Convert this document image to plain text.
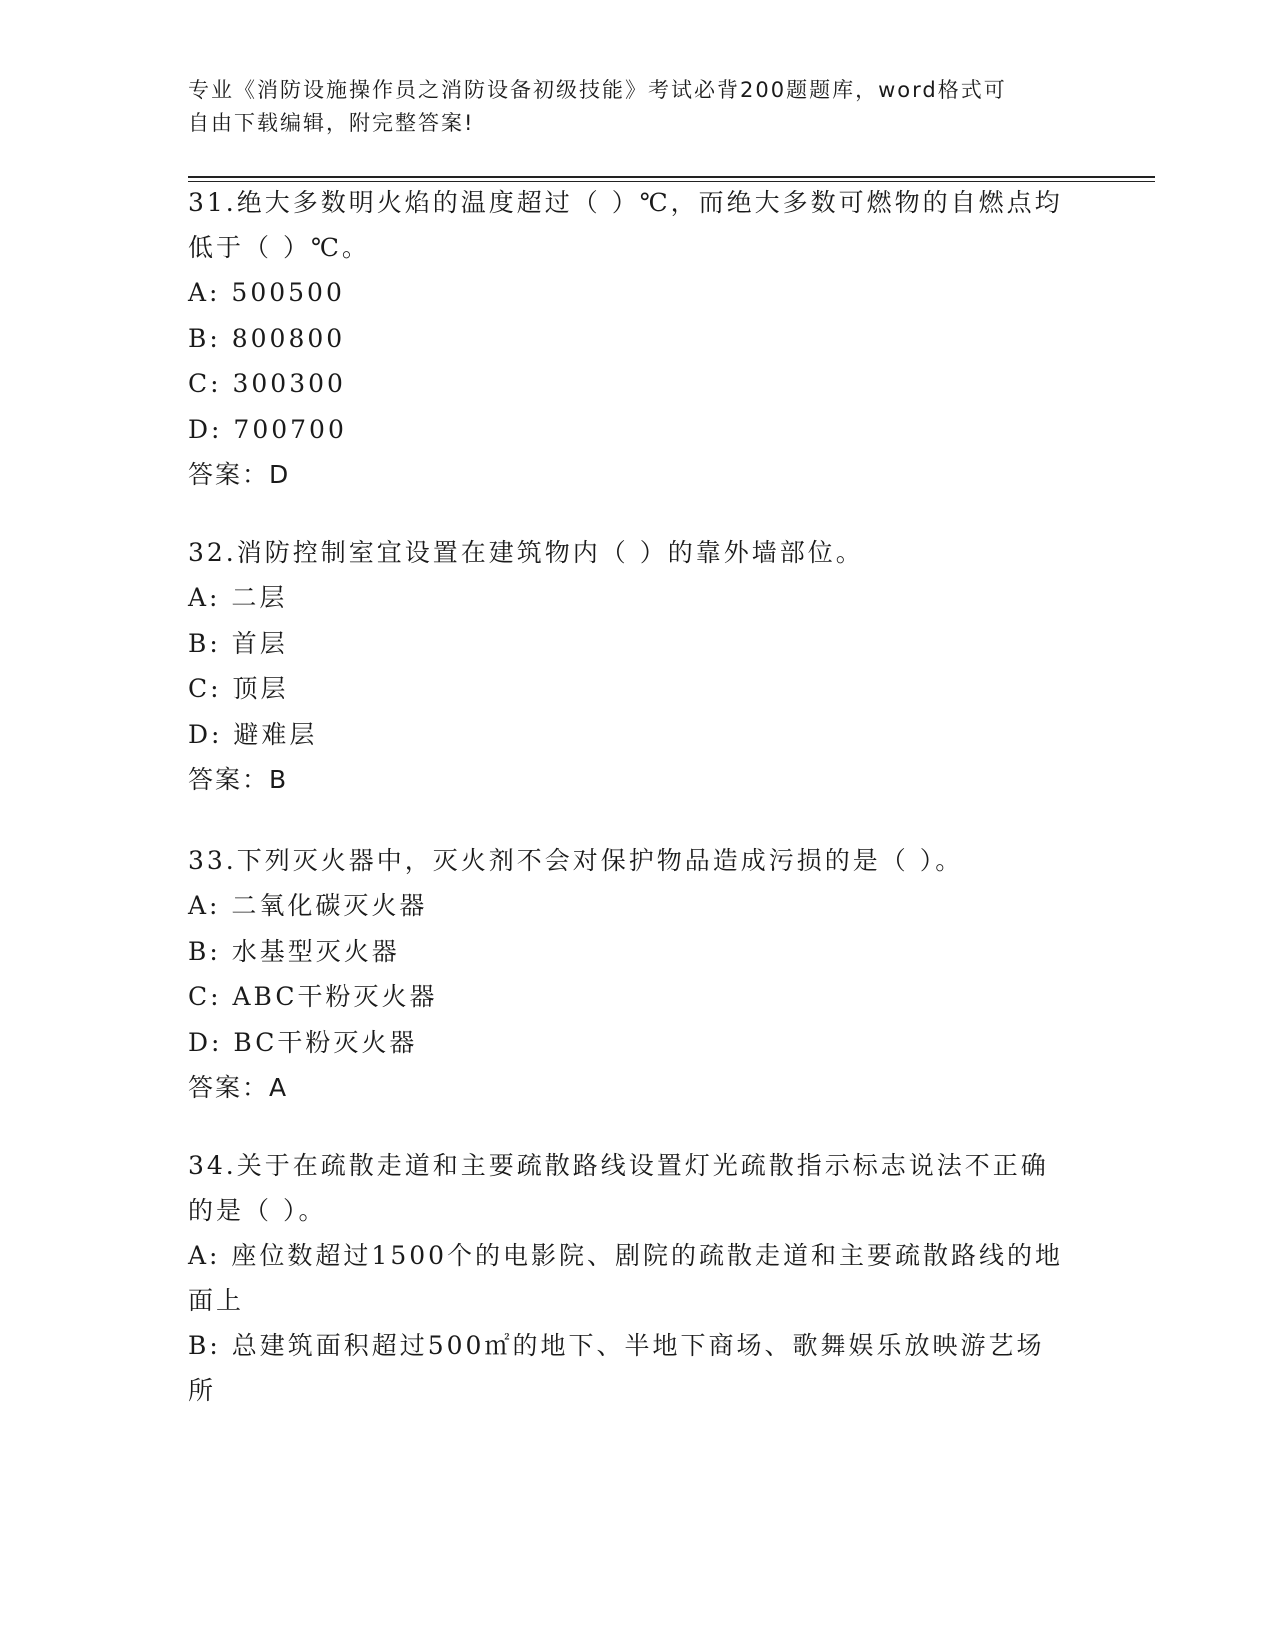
专业《消防设施操作员之消防设备初级技能》考试必背200题题库，word格式可
自由下载编辑，附完整答案!

31.绝大多数明火焰的温度超过（ ）℃，而绝大多数可燃物的自燃点均低于（ ）℃。

A: 500500
B: 800800
C: 300300
D: 700700
答案：D

32.消防控制室宜设置在建筑物内（ ）的靠外墙部位。

A: 二层
B: 首层
C: 顶层
D: 避难层
答案：B

33.下列灭火器中，灭火剂不会对保护物品造成污损的是（ ）。

A: 二氧化碳灭火器
B: 水基型灭火器
C: ABC干粉灭火器
D: BC干粉灭火器
答案：A

34.关于在疏散走道和主要疏散路线设置灯光疏散指示标志说法不正确的是（ ）。

A: 座位数超过1500个的电影院、剧院的疏散走道和主要疏散路线的地面上
B: 总建筑面积超过500㎡的地下、半地下商场、歌舞娱乐放映游艺场所
